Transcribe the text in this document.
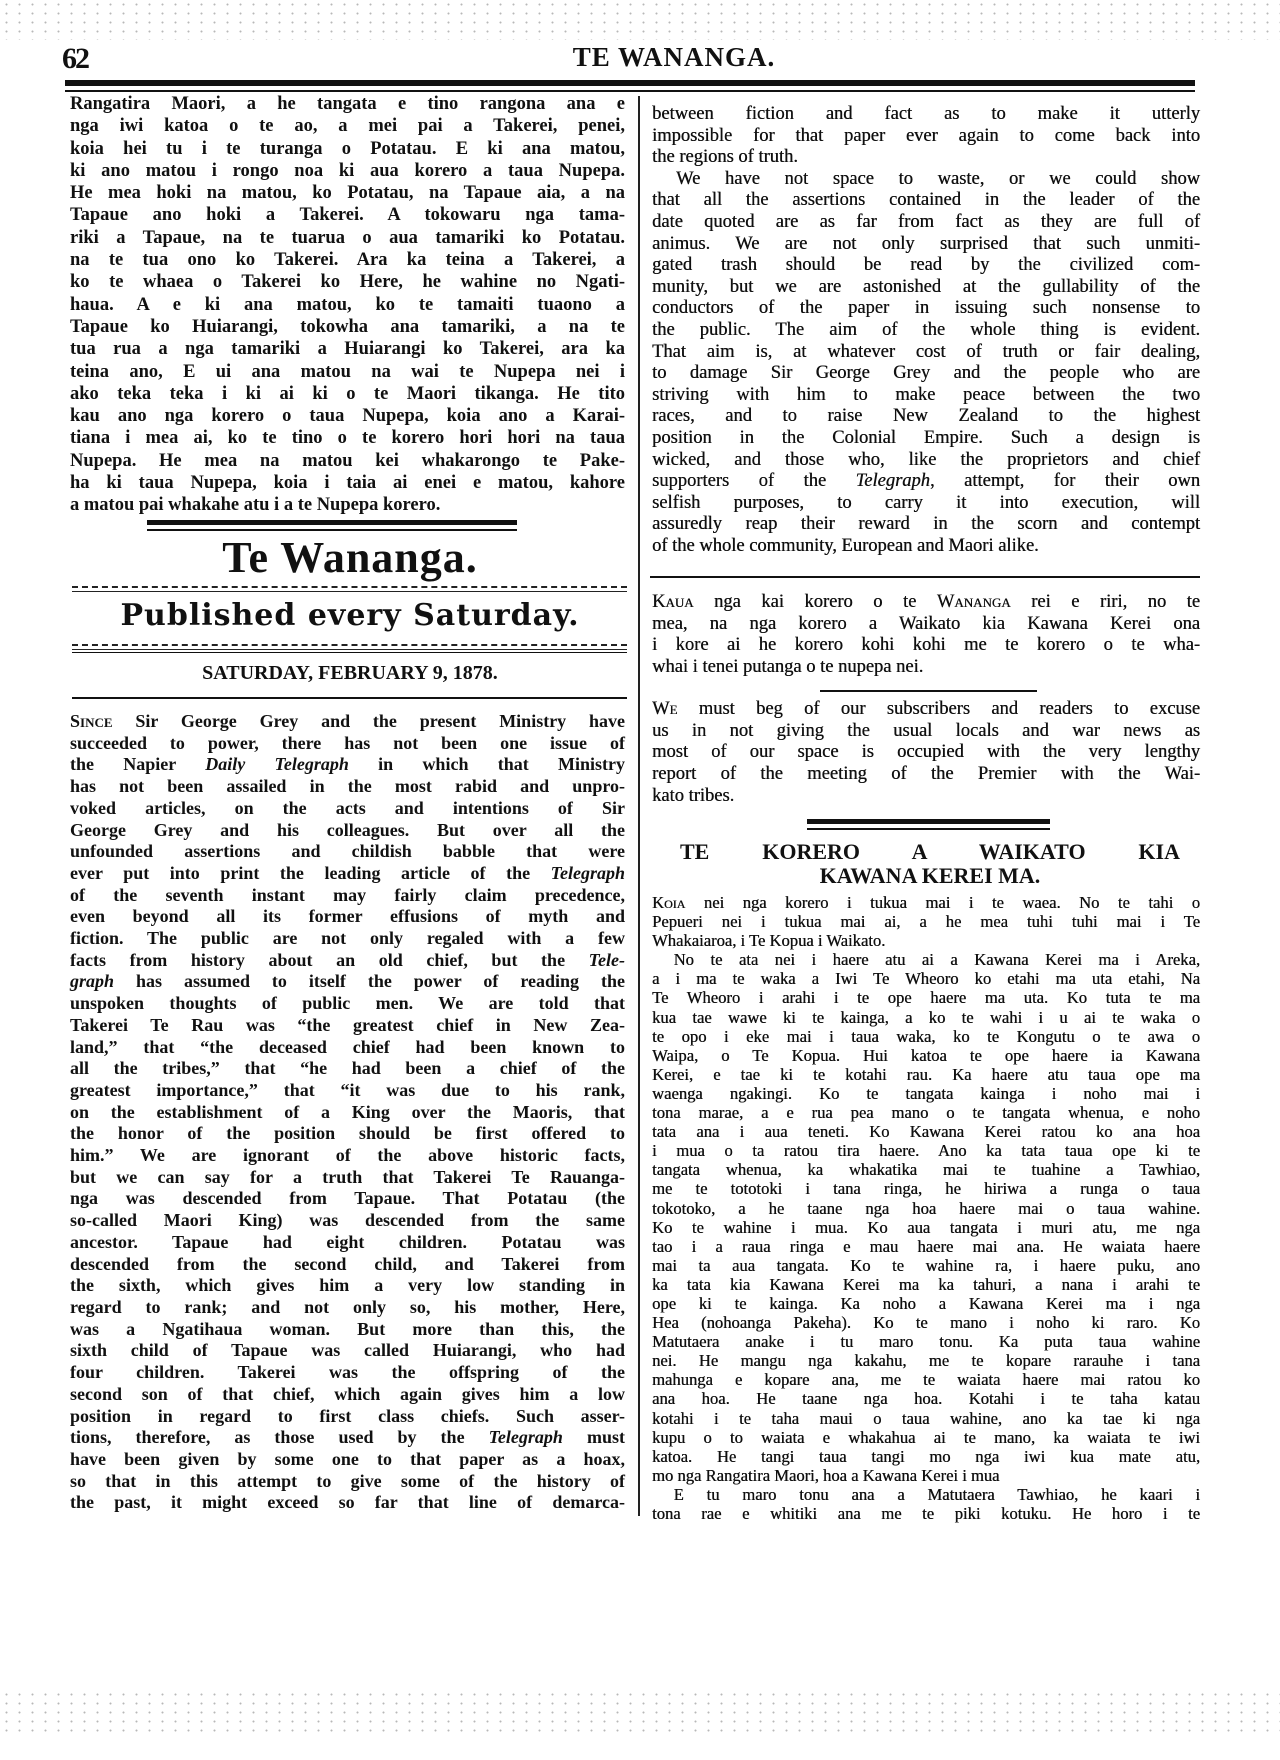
62	TE WANANGA.
Rangatira Maori, a he tangata e tino rangona ana e
nga iwi katoa o te ao, a mei pai a Takerei, penei,
koia hei tu i te turanga o Potatau. E ki ana matou,
ki ano matou i rongo noa ki aua korero a taua Nupepa.
He mea hoki na matou, ko Potatau, na Tapaue aia, a na
Tapaue ano hoki a Takerei. A tokowaru nga tama-
riki a Tapaue, na te tuarua o aua tamariki ko Potatau.
na te tua ono ko Takerei. Ara ka teina a Takerei, a
ko te whaea o Takerei ko Here, he wahine no Ngati-
haua. A e ki ana matou, ko te tamaiti tuaono a
Tapaue ko Huiarangi, tokowha ana tamariki, a na te
tua rua a nga tamariki a Huiarangi ko Takerei, ara ka
teina ano, E ui ana matou na wai te Nupepa nei i
ako teka teka i ki ai ki o te Maori tikanga. He tito
kau ano nga korero o taua Nupepa, koia ano a Karai-
tiana i mea ai, ko te tino o te korero hori hori na taua
Nupepa. He mea na matou kei whakarongo te Pake-
ha ki taua Nupepa, koia i taia ai enei e matou, kahore
a matou pai whakahe atu i a te Nupepa korero.
Te Wananga.
Published every Saturday.
SATURDAY, FEBRUARY 9, 1878.
Since Sir George Grey and the present Ministry have
succeeded to power, there has not been one issue of
the Napier Daily Telegraph in which that Ministry
has not been assailed in the most rabid and unpro-
voked articles, on the acts and intentions of Sir
George Grey and his colleagues. But over all the
unfounded assertions and childish babble that were
ever put into print the leading article of the Telegraph
of the seventh instant may fairly claim precedence,
even beyond all its former effusions of myth and
fiction. The public are not only regaled with a few
facts from history about an old chief, but the Tele-
graph has assumed to itself the power of reading the
unspoken thoughts of public men. We are told that
Takerei Te Rau was “the greatest chief in New Zea-
land,” that “the deceased chief had been known to
all the tribes,” that “he had been a chief of the
greatest importance,” that “it was due to his rank,
on the establishment of a King over the Maoris, that
the honor of the position should be first offered to
him.” We are ignorant of the above historic facts,
but we can say for a truth that Takerei Te Rauanga-
nga was descended from Tapaue. That Potatau (the
so-called Maori King) was descended from the same
ancestor. Tapaue had eight children. Potatau was
descended from the second child, and Takerei from
the sixth, which gives him a very low standing in
regard to rank; and not only so, his mother, Here,
was a Ngatihaua woman. But more than this, the
sixth child of Tapaue was called Huiarangi, who had
four children. Takerei was the offspring of the
second son of that chief, which again gives him a low
position in regard to first class chiefs. Such asser-
tions, therefore, as those used by the Telegraph must
have been given by some one to that paper as a hoax,
so that in this attempt to give some of the history of
the past, it might exceed so far that line of demarca-
between fiction and fact as to make it utterly
impossible for that paper ever again to come back into
the regions of truth.
We have not space to waste, or we could show
that all the assertions contained in the leader of the
date quoted are as far from fact as they are full of
animus. We are not only surprised that such unmiti-
gated trash should be read by the civilized com-
munity, but we are astonished at the gullability of the
conductors of the paper in issuing such nonsense to
the public. The aim of the whole thing is evident.
That aim is, at whatever cost of truth or fair dealing,
to damage Sir George Grey and the people who are
striving with him to make peace between the two
races, and to raise New Zealand to the highest
position in the Colonial Empire. Such a design is
wicked, and those who, like the proprietors and chief
supporters of the Telegraph, attempt, for their own
selfish purposes, to carry it into execution, will
assuredly reap their reward in the scorn and contempt
of the whole community, European and Maori alike.
Kaua nga kai korero o te Wananga rei e riri, no te
mea, na nga korero a Waikato kia Kawana Kerei ona
i kore ai he korero kohi kohi me te korero o te wha-
whai i tenei putanga o te nupepa nei.
We must beg of our subscribers and readers to excuse
us in not giving the usual locals and war news as
most of our space is occupied with the very lengthy
report of the meeting of the Premier with the Wai-
kato tribes.
TE KORERO A WAIKATO KIA
KAWANA KEREI MA.
Koia nei nga korero i tukua mai i te waea. No te tahi o
Pepueri nei i tukua mai ai, a he mea tuhi tuhi mai i Te
Whakaiaroa, i Te Kopua i Waikato.
No te ata nei i haere atu ai a Kawana Kerei ma i Areka,
a i ma te waka a Iwi Te Wheoro ko etahi ma uta etahi, Na
Te Wheoro i arahi i te ope haere ma uta. Ko tuta te ma
kua tae wawe ki te kainga, a ko te wahi i u ai te waka o
te opo i eke mai i taua waka, ko te Kongutu o te awa o
Waipa, o Te Kopua. Hui katoa te ope haere ia Kawana
Kerei, e tae ki te kotahi rau. Ka haere atu taua ope ma
waenga ngakingi. Ko te tangata kainga i noho mai i
tona marae, a e rua pea mano o te tangata whenua, e noho
tata ana i aua teneti. Ko Kawana Kerei ratou ko ana hoa
i mua o ta ratou tira haere. Ano ka tata taua ope ki te
tangata whenua, ka whakatika mai te tuahine a Tawhiao,
me te tototoki i tana ringa, he hiriwa a runga o taua
tokotoko, a he taane nga hoa haere mai o taua wahine.
Ko te wahine i mua. Ko aua tangata i muri atu, me nga
tao i a raua ringa e mau haere mai ana. He waiata haere
mai ta aua tangata. Ko te wahine ra, i haere puku, ano
ka tata kia Kawana Kerei ma ka tahuri, a nana i arahi te
ope ki te kainga. Ka noho a Kawana Kerei ma i nga
Hea (nohoanga Pakeha). Ko te mano i noho ki raro. Ko
Matutaera anake i tu maro tonu. Ka puta taua wahine
nei. He mangu nga kakahu, me te kopare rarauhe i tana
mahunga e kopare ana, me te waiata haere mai ratou ko
ana hoa. He taane nga hoa. Kotahi i te taha katau
kotahi i te taha maui o taua wahine, ano ka tae ki nga
kupu o to waiata e whakahua ai te mano, ka waiata te iwi
katoa. He tangi taua tangi mo nga iwi kua mate atu,
mo nga Rangatira Maori, hoa a Kawana Kerei i mua
E tu maro tonu ana a Matutaera Tawhiao, he kaari i
tona rae e whitiki ana me te piki kotuku. He horo i te
